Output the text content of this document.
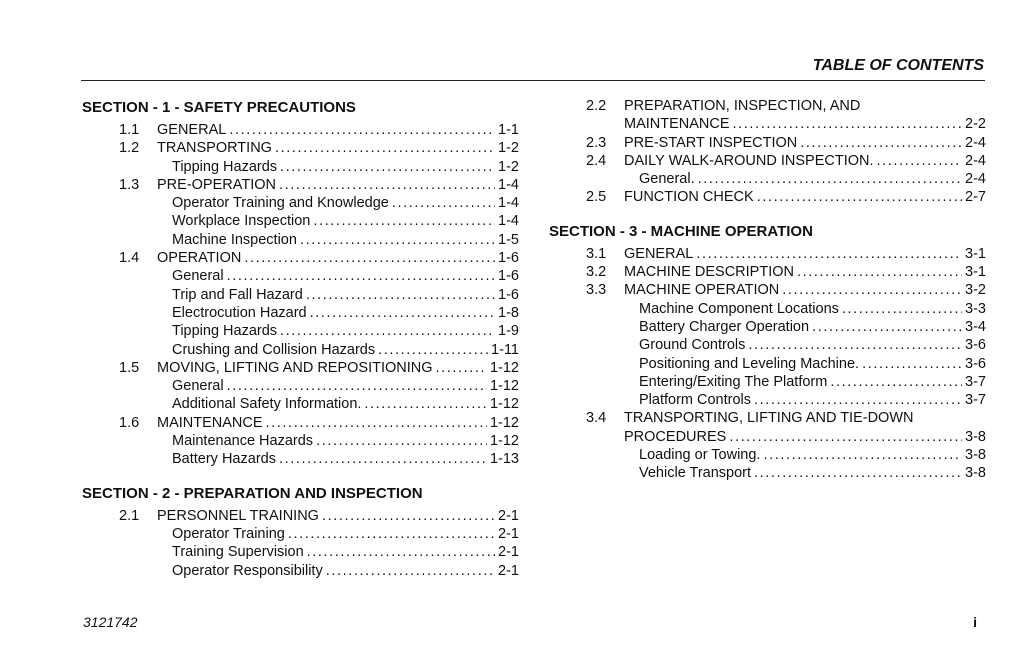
TABLE OF CONTENTS
SECTION - 1 - SAFETY PRECAUTIONS
1.1	GENERAL .....	1-1
1.2	TRANSPORTING .....	1-2
Tipping Hazards .....	1-2
1.3	PRE-OPERATION .....	1-4
Operator Training and Knowledge .....	1-4
Workplace Inspection .....	1-4
Machine Inspection .....	1-5
1.4	OPERATION .....	1-6
General .....	1-6
Trip and Fall Hazard .....	1-6
Electrocution Hazard .....	1-8
Tipping Hazards .....	1-9
Crushing and Collision Hazards .....	1-11
1.5	MOVING, LIFTING AND REPOSITIONING .....	1-12
General .....	1-12
Additional Safety Information. .....	1-12
1.6	MAINTENANCE .....	1-12
Maintenance Hazards .....	1-12
Battery Hazards .....	1-13
SECTION - 2 - PREPARATION AND INSPECTION
2.1	PERSONNEL TRAINING .....	2-1
Operator Training .....	2-1
Training Supervision .....	2-1
Operator Responsibility .....	2-1
2.2	PREPARATION, INSPECTION, AND
MAINTENANCE .....	2-2
2.3	PRE-START INSPECTION .....	2-4
2.4	DAILY WALK-AROUND INSPECTION. .....	2-4
General. .....	2-4
2.5	FUNCTION CHECK .....	2-7
SECTION - 3 - MACHINE OPERATION
3.1	GENERAL .....	3-1
3.2	MACHINE DESCRIPTION .....	3-1
3.3	MACHINE OPERATION .....	3-2
Machine Component Locations .....	3-3
Battery Charger Operation .....	3-4
Ground Controls .....	3-6
Positioning and Leveling Machine. .....	3-6
Entering/Exiting The Platform .....	3-7
Platform Controls .....	3-7
3.4	TRANSPORTING, LIFTING AND TIE-DOWN
PROCEDURES .....	3-8
Loading or Towing. .....	3-8
Vehicle Transport .....	3-8
3121742	i
